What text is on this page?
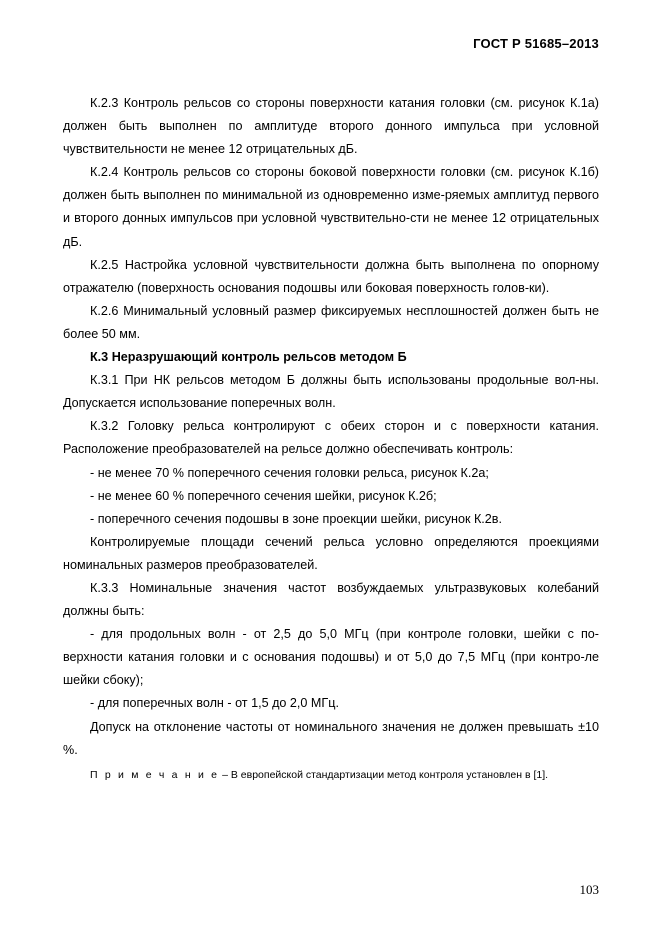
ГОСТ Р 51685–2013

К.2.3 Контроль рельсов со стороны поверхности катания головки (см. рисунок К.1а) должен быть выполнен по амплитуде второго донного импульса при условной чувствительности не менее 12 отрицательных дБ.

К.2.4 Контроль рельсов со стороны боковой поверхности головки (см. рисунок К.1б) должен быть выполнен по минимальной из одновременно изме-ряемых амплитуд первого и второго донных импульсов при условной чувствительно-сти не менее 12 отрицательных дБ.

К.2.5 Настройка условной чувствительности должна быть выполнена по опорному отражателю (поверхность основания подошвы или боковая поверхность голов-ки).

К.2.6 Минимальный условный размер фиксируемых несплошностей должен быть не более 50 мм.

К.3 Неразрушающий контроль рельсов методом Б

К.3.1 При НК рельсов методом Б должны быть использованы продольные вол-ны. Допускается использование поперечных волн.

К.3.2 Головку рельса контролируют с обеих сторон и с поверхности катания. Расположение преобразователей на рельсе должно обеспечивать контроль:

- не менее 70 % поперечного сечения головки рельса, рисунок К.2а;

- не менее 60 % поперечного сечения шейки, рисунок К.2б;

- поперечного сечения подошвы в зоне проекции шейки, рисунок К.2в.

Контролируемые площади сечений рельса условно определяются проекциями номинальных размеров преобразователей.

К.3.3 Номинальные значения частот возбуждаемых ультразвуковых колебаний должны быть:

- для продольных волн - от 2,5 до 5,0 МГц (при контроле головки, шейки с по-верхности катания головки и с основания подошвы) и от 5,0 до 7,5 МГц (при контро-ле шейки сбоку);

- для поперечных волн - от 1,5 до 2,0 МГц.

Допуск на отклонение частоты от номинального значения не должен превышать ±10 %.

П р и м е ч а н и е – В европейской стандартизации метод контроля установлен в [1].

103
